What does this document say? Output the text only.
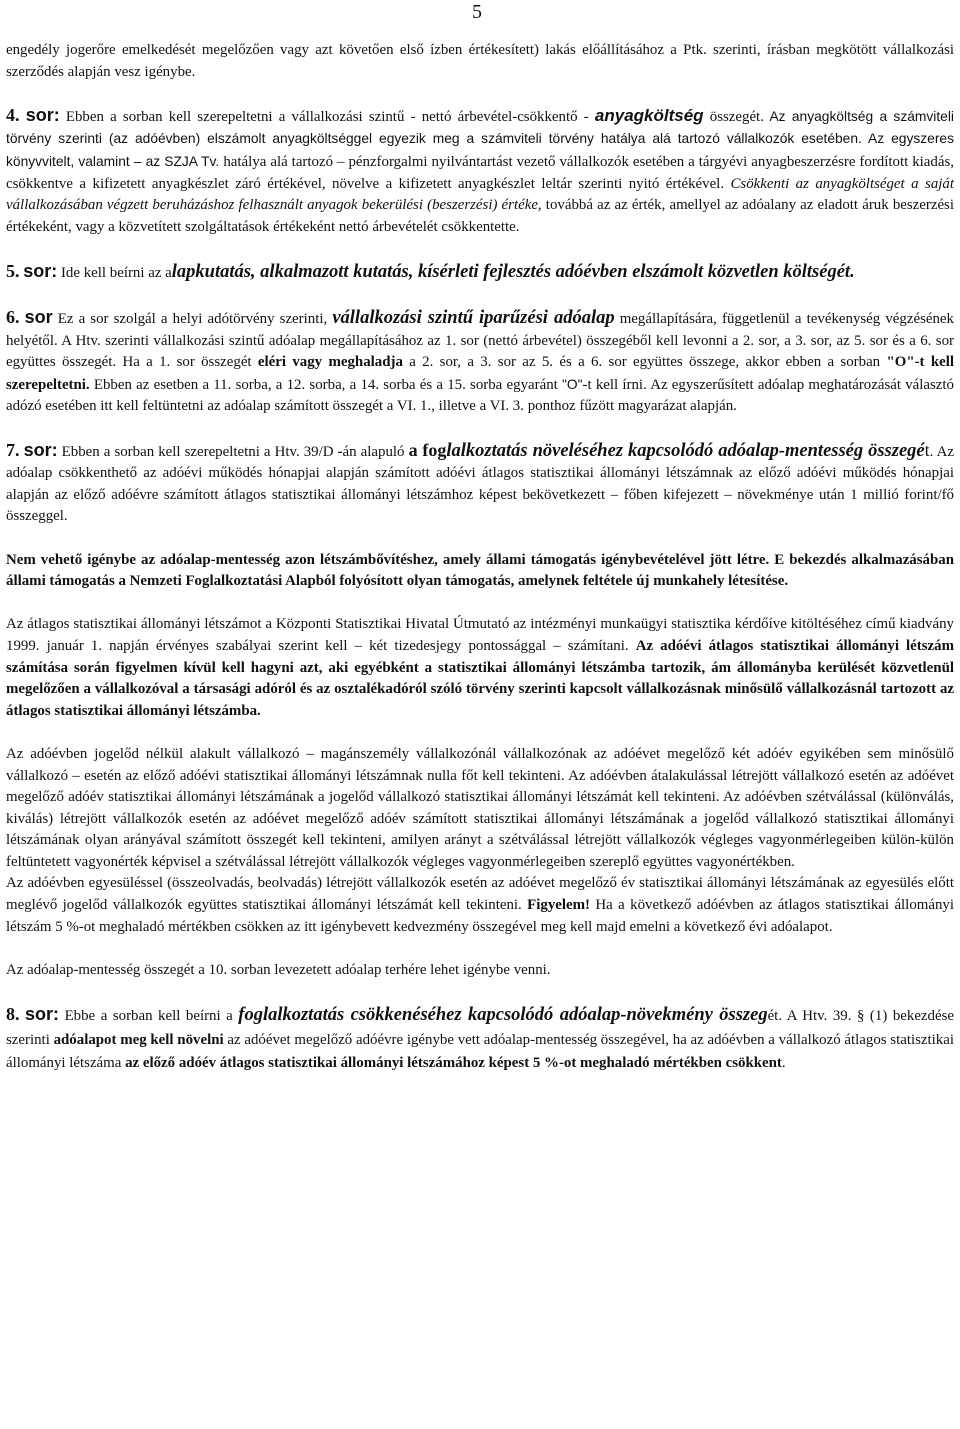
5

engedély jogerőre emelkedését megelőzően vagy azt követően első ízben értékesített) lakás előállításához a Ptk. szerinti, írásban megkötött vállalkozási szerződés alapján vesz igénybe.

4. sor: Ebben a sorban kell szerepeltetni a vállalkozási szintű - nettó árbevétel-csökkentő - anyagköltség összegét. Az anyagköltség a számviteli törvény szerinti (az adóévben) elszámolt anyagköltséggel egyezik meg a számviteli törvény hatálya alá tartozó vállalkozók esetében. Az egyszeres könyvvitelt, valamint – az SZJA Tv. hatálya alá tartozó – pénzforgalmi nyilvántartást vezető vállalkozók esetében a tárgyévi anyagbeszerzésre fordított kiadás, csökkentve a kifizetett anyagkészlet záró értékével, növelve a kifizetett anyagkészlet leltár szerinti nyitó értékével. Csökkenti az anyagköltséget a saját vállalkozásában végzett beruházáshoz felhasznált anyagok bekerülési (beszerzési) értéke, továbbá az az érték, amellyel az adóalany az eladott áruk beszerzési értékeként, vagy a közvetített szolgáltatások értékeként nettó árbevételét csökkentette.

5. sor: Ide kell beírni az alapkutatás, alkalmazott kutatás, kísérleti fejlesztés adóévben elszámolt közvetlen költségét.

6. sor Ez a sor szolgál a helyi adótörvény szerinti, vállalkozási szintű iparűzési adóalap megállapítására, függetlenül a tevékenység végzésének helyétől. A Htv. szerinti vállalkozási szintű adóalap megállapításához az 1. sor (nettó árbevétel) összegéből kell levonni a 2. sor, a 3. sor, az 5. sor és a 6. sor együttes összegét. Ha a 1. sor összegét eléri vagy meghaladja a 2. sor, a 3. sor az 5. és a 6. sor együttes összege, akkor ebben a sorban "O"-t kell szerepeltetni. Ebben az esetben a 11. sorba, a 12. sorba, a 14. sorba és a 15. sorba egyaránt "O"-t kell írni. Az egyszerűsített adóalap meghatározását választó adózó esetében itt kell feltüntetni az adóalap számított összegét a VI. 1., illetve a VI. 3. ponthoz fűzött magyarázat alapján.

7. sor: Ebben a sorban kell szerepeltetni a Htv. 39/D -án alapuló a foglalkoztatás növeléséhez kapcsolódó adóalap-mentesség összegét. Az adóalap csökkenthető az adóévi működés hónapjai alapján számított adóévi átlagos statisztikai állományi létszámnak az előző adóévi működés hónapjai alapján az előző adóévre számított átlagos statisztikai állományi létszámhoz képest bekövetkezett – főben kifejezett – növekménye után 1 millió forint/fő összeggel.

Nem vehető igénybe az adóalap-mentesség azon létszámbővítéshez, amely állami támogatás igénybevételével jött létre. E bekezdés alkalmazásában állami támogatás a Nemzeti Foglalkoztatási Alapból folyósított olyan támogatás, amelynek feltétele új munkahely létesítése.

Az átlagos statisztikai állományi létszámot a Központi Statisztikai Hivatal Útmutató az intézményi munkaügyi statisztika kérdőíve kitöltéséhez című kiadvány 1999. január 1. napján érvényes szabályai szerint kell – két tizedesjegy pontossággal – számítani. Az adóévi átlagos statisztikai állományi létszám számítása során figyelmen kívül kell hagyni azt, aki egyébként a statisztikai állományi létszámba tartozik, ám állományba kerülését közvetlenül megelőzően a vállalkozóval a társasági adóról és az osztalékadóról szóló törvény szerinti kapcsolt vállalkozásnak minősülő vállalkozásnál tartozott az átlagos statisztikai állományi létszámba.

Az adóévben jogelőd nélkül alakult vállalkozó – magánszemély vállalkozónál vállalkozónak az adóévet megelőző két adóév egyikében sem minősülő vállalkozó – esetén az előző adóévi statisztikai állományi létszámnak nulla főt kell tekinteni. Az adóévben átalakulással létrejött vállalkozó esetén az adóévet megelőző adóév statisztikai állományi létszámának a jogelőd vállalkozó statisztikai állományi létszámát kell tekinteni. Az adóévben szétválással (különválás, kiválás) létrejött vállalkozók esetén az adóévet megelőző adóév számított statisztikai állományi létszámának a jogelőd vállalkozó statisztikai állományi létszámának olyan arányával számított összegét kell tekinteni, amilyen arányt a szétválással létrejött vállalkozók végleges vagyonmérlegeiben külön-külön feltüntetett vagyonérték képvisel a szétválással létrejött vállalkozók végleges vagyonmérlegeiben szereplő együttes vagyonértékben.

Az adóévben egyesüléssel (összeolvadás, beolvadás) létrejött vállalkozók esetén az adóévet megelőző év statisztikai állományi létszámának az egyesülés előtt meglévő jogelőd vállalkozók együttes statisztikai állományi létszámát kell tekinteni. Figyelem! Ha a következő adóévben az átlagos statisztikai állományi létszám 5 %-ot meghaladó mértékben csökken az itt igénybevett kedvezmény összegével meg kell majd emelni a következő évi adóalapot.

Az adóalap-mentesség összegét a 10. sorban levezetett adóalap terhére lehet igénybe venni.

8. sor: Ebbe a sorban kell beírni a foglalkoztatás csökkenéséhez kapcsolódó adóalap-növekmény összegét. A Htv. 39. § (1) bekezdése szerinti adóalapot meg kell növelni az adóévet megelőző adóévre igénybe vett adóalap-mentesség összegével, ha az adóévben a vállalkozó átlagos statisztikai állományi létszáma az előző adóév átlagos statisztikai állományi létszámához képest 5 %-ot meghaladó mértékben csökkent.
